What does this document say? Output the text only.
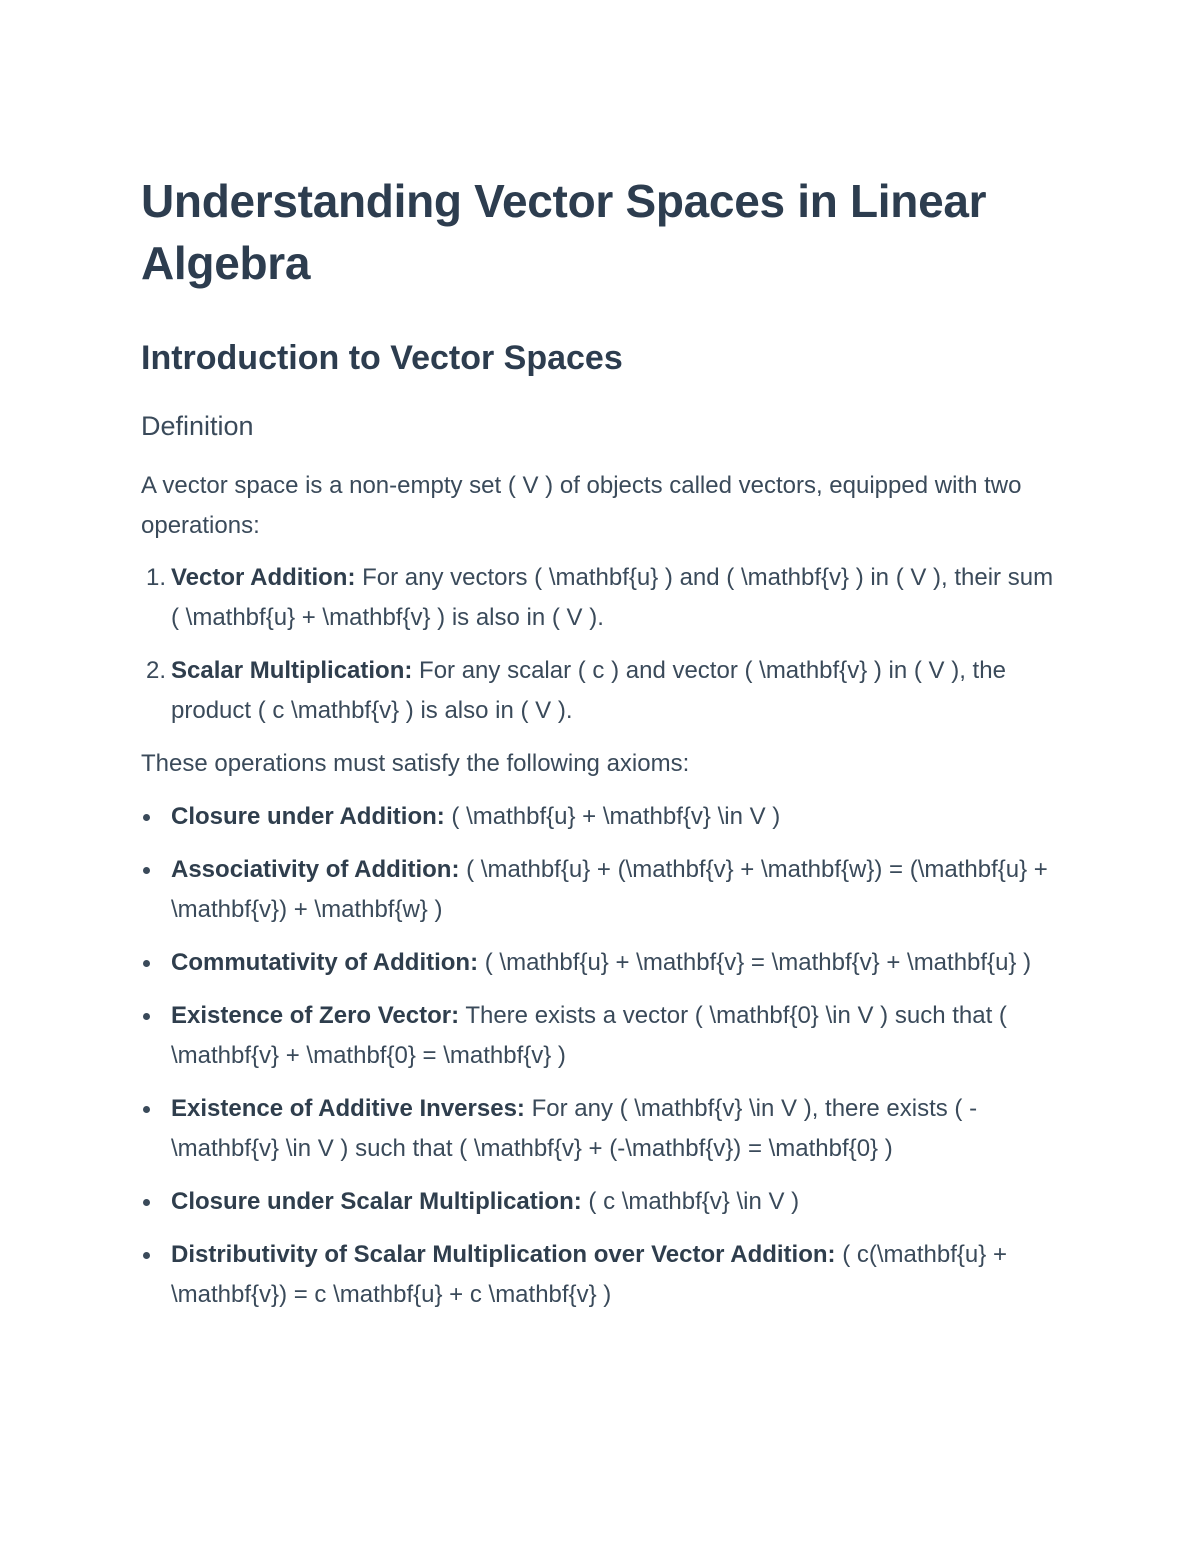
Understanding Vector Spaces in Linear Algebra
Introduction to Vector Spaces
Definition

A vector space is a non-empty set ( V ) of objects called vectors, equipped with two operations:

1. Vector Addition: For any vectors ( \mathbf{u} ) and ( \mathbf{v} ) in ( V ), their sum ( \mathbf{u} + \mathbf{v} ) is also in ( V ).
2. Scalar Multiplication: For any scalar ( c ) and vector ( \mathbf{v} ) in ( V ), the product ( c \mathbf{v} ) is also in ( V ).

These operations must satisfy the following axioms:

Closure under Addition: ( \mathbf{u} + \mathbf{v} \in V )
Associativity of Addition: ( \mathbf{u} + (\mathbf{v} + \mathbf{w}) = (\mathbf{u} + \mathbf{v}) + \mathbf{w} )
Commutativity of Addition: ( \mathbf{u} + \mathbf{v} = \mathbf{v} + \mathbf{u} )
Existence of Zero Vector: There exists a vector ( \mathbf{0} \in V ) such that ( \mathbf{v} + \mathbf{0} = \mathbf{v} )
Existence of Additive Inverses: For any ( \mathbf{v} \in V ), there exists ( -\mathbf{v} \in V ) such that ( \mathbf{v} + (-\mathbf{v}) = \mathbf{0} )
Closure under Scalar Multiplication: ( c \mathbf{v} \in V )
Distributivity of Scalar Multiplication over Vector Addition: ( c(\mathbf{u} + \mathbf{v}) = c \mathbf{u} + c \mathbf{v} )
